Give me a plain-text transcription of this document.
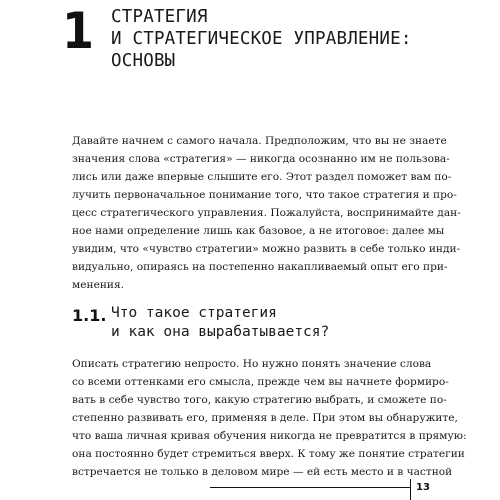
1 СТРАТЕГИЯ
И СТРАТЕГИЧЕСКОЕ УПРАВЛЕНИЕ:
ОСНОВЫ
Давайте начнем с самого начала. Предположим, что вы не знаете
значения слова «стратегия» — никогда осознанно им не пользова-
лись или даже впервые слышите его. Этот раздел поможет вам по-
лучить первоначальное понимание того, что такое стратегия и про-
цесс стратегического управления. Пожалуйста, воспринимайте дан-
ное нами определение лишь как базовое, а не итоговое: далее мы
увидим, что «чувство стратегии» можно развить в себе только инди-
видуально, опираясь на постепенно накапливаемый опыт его при-
менения.
1.1. Что такое стратегия
и как она вырабатывается?
Описать стратегию непросто. Но нужно понять значение слова
со всеми оттенками его смысла, прежде чем вы начнете формиро-
вать в себе чувство того, какую стратегию выбрать, и сможете по-
степенно развивать его, применяя в деле. При этом вы обнаружите,
что ваша личная кривая обучения никогда не превратится в прямую:
она постоянно будет стремиться вверх. К тому же понятие стратегии
встречается не только в деловом мире — ей есть место и в частной
13
